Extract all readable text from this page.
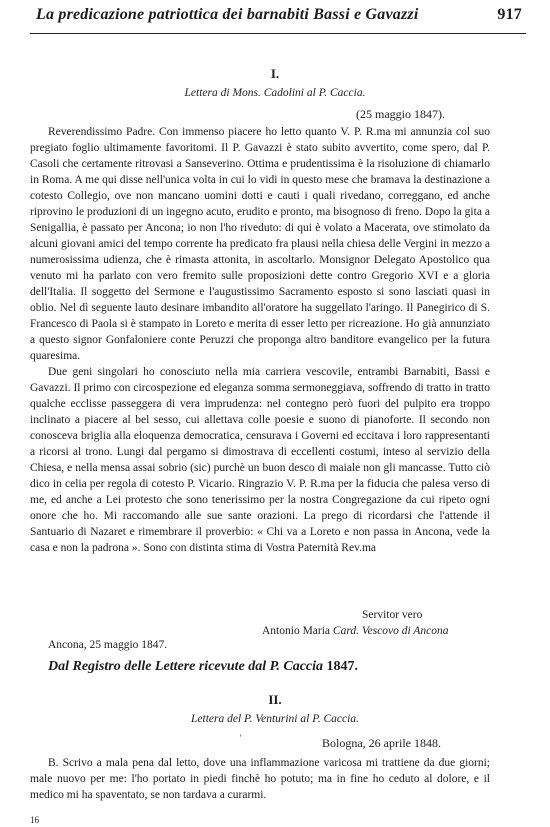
La predicazione patriottica dei barnabiti Bassi e Gavazzi	917
I.
Lettera di Mons. Cadolini al P. Caccia.
(25 maggio 1847).

Reverendissimo Padre. Con immenso piacere ho letto quanto V. P. R.ma mi annunzia col suo pregiato foglio ultimamente favoritomi. Il P. Gavazzi è stato subito avvertito, come spero, dal P. Casoli che certamente ritrovasi a Sanseverino. Ottima e prudentissima è la risoluzione di chiamarlo in Roma. A me qui disse nell'unica volta in cui lo vidi in questo mese che bramava la destinazione a cotesto Collegio, ove non mancano uomini dotti e cauti i quali rivedano, correggano, ed anche riprovino le produzioni di un ingegno acuto, erudito e pronto, ma bisognoso di freno. Dopo la gita a Senigallia, è passato per Ancona; io non l'ho riveduto: di qui è volato a Macerata, ove stimolato da alcuni giovani amici del tempo corrente ha predicato fra plausi nella chiesa delle Vergini in mezzo a numerosissima udienza, che è rimasta attonita, in ascoltarlo. Monsignor Delegato Apostolico qua venuto mi ha parlato con vero fremito sulle proposizioni dette contro Gregorio XVI e a gloria dell'Italia. Il soggetto del Sermone e l'augustissimo Sacramento esposto si sono lasciati quasi in oblio. Nel dì seguente lauto desinare imbandito all'oratore ha suggellato l'aringo. Il Panegirico di S. Francesco di Paola si è stampato in Loreto e merita di esser letto per ricreazione. Ho già annunziato a questo signor Gonfaloniere conte Peruzzi che proponga altro banditore evangelico per la futura quaresima.

Due geni singolari ho conosciuto nella mia carriera vescovile, entrambi Barnabiti, Bassi e Gavazzi. Il primo con circospezione ed eleganza somma sermoneggiava, soffrendo di tratto in tratto qualche ecclisse passeggera di vera imprudenza: nel contegno però fuori del pulpito era troppo inclinato a piacere al bel sesso, cui allettava colle poesie e suono di pianoforte. Il secondo non conosceva briglia alla eloquenza democratica, censurava i Governi ed eccitava i loro rappresentanti a ricorsi al trono. Lungi dal pergamo si dimostrava di eccellenti costumi, inteso al servizio della Chiesa, e nella mensa assai sobrio (sic) purchè un buon desco di maiale non gli mancasse. Tutto ciò dico in celia per regola di cotesto P. Vicario. Ringrazio V. P. R.ma per la fiducia che palesa verso di me, ed anche a Lei protesto che sono tenerissimo per la nostra Congregazione da cui ripeto ogni onore che ho. Mi raccomando alle sue sante orazioni. La prego di ricordarsi che l'attende il Santuario di Nazaret e rimembrare il proverbio: « Chi va a Loreto e non passa in Ancona, vede la casa e non la padrona ». Sono con distinta stima di Vostra Paternità Rev.ma

Servitor vero
Antonio Maria Card. Vescovo di Ancona
Ancona, 25 maggio 1847.
Dal Registro delle Lettere ricevute dal P. Caccia 1847.
II.
Lettera del P. Venturini al P. Caccia.
'	Bologna, 26 aprile 1848.

B. Scrivo a mala pena dal letto, dove una inflammazione varicosa mi trattiene da due giorni; male nuovo per me: l'ho portato in piedi finchè ho potuto; ma in fine ho ceduto al dolore, e il medico mi ha spaventato, se non tardava a curarmi.

16
